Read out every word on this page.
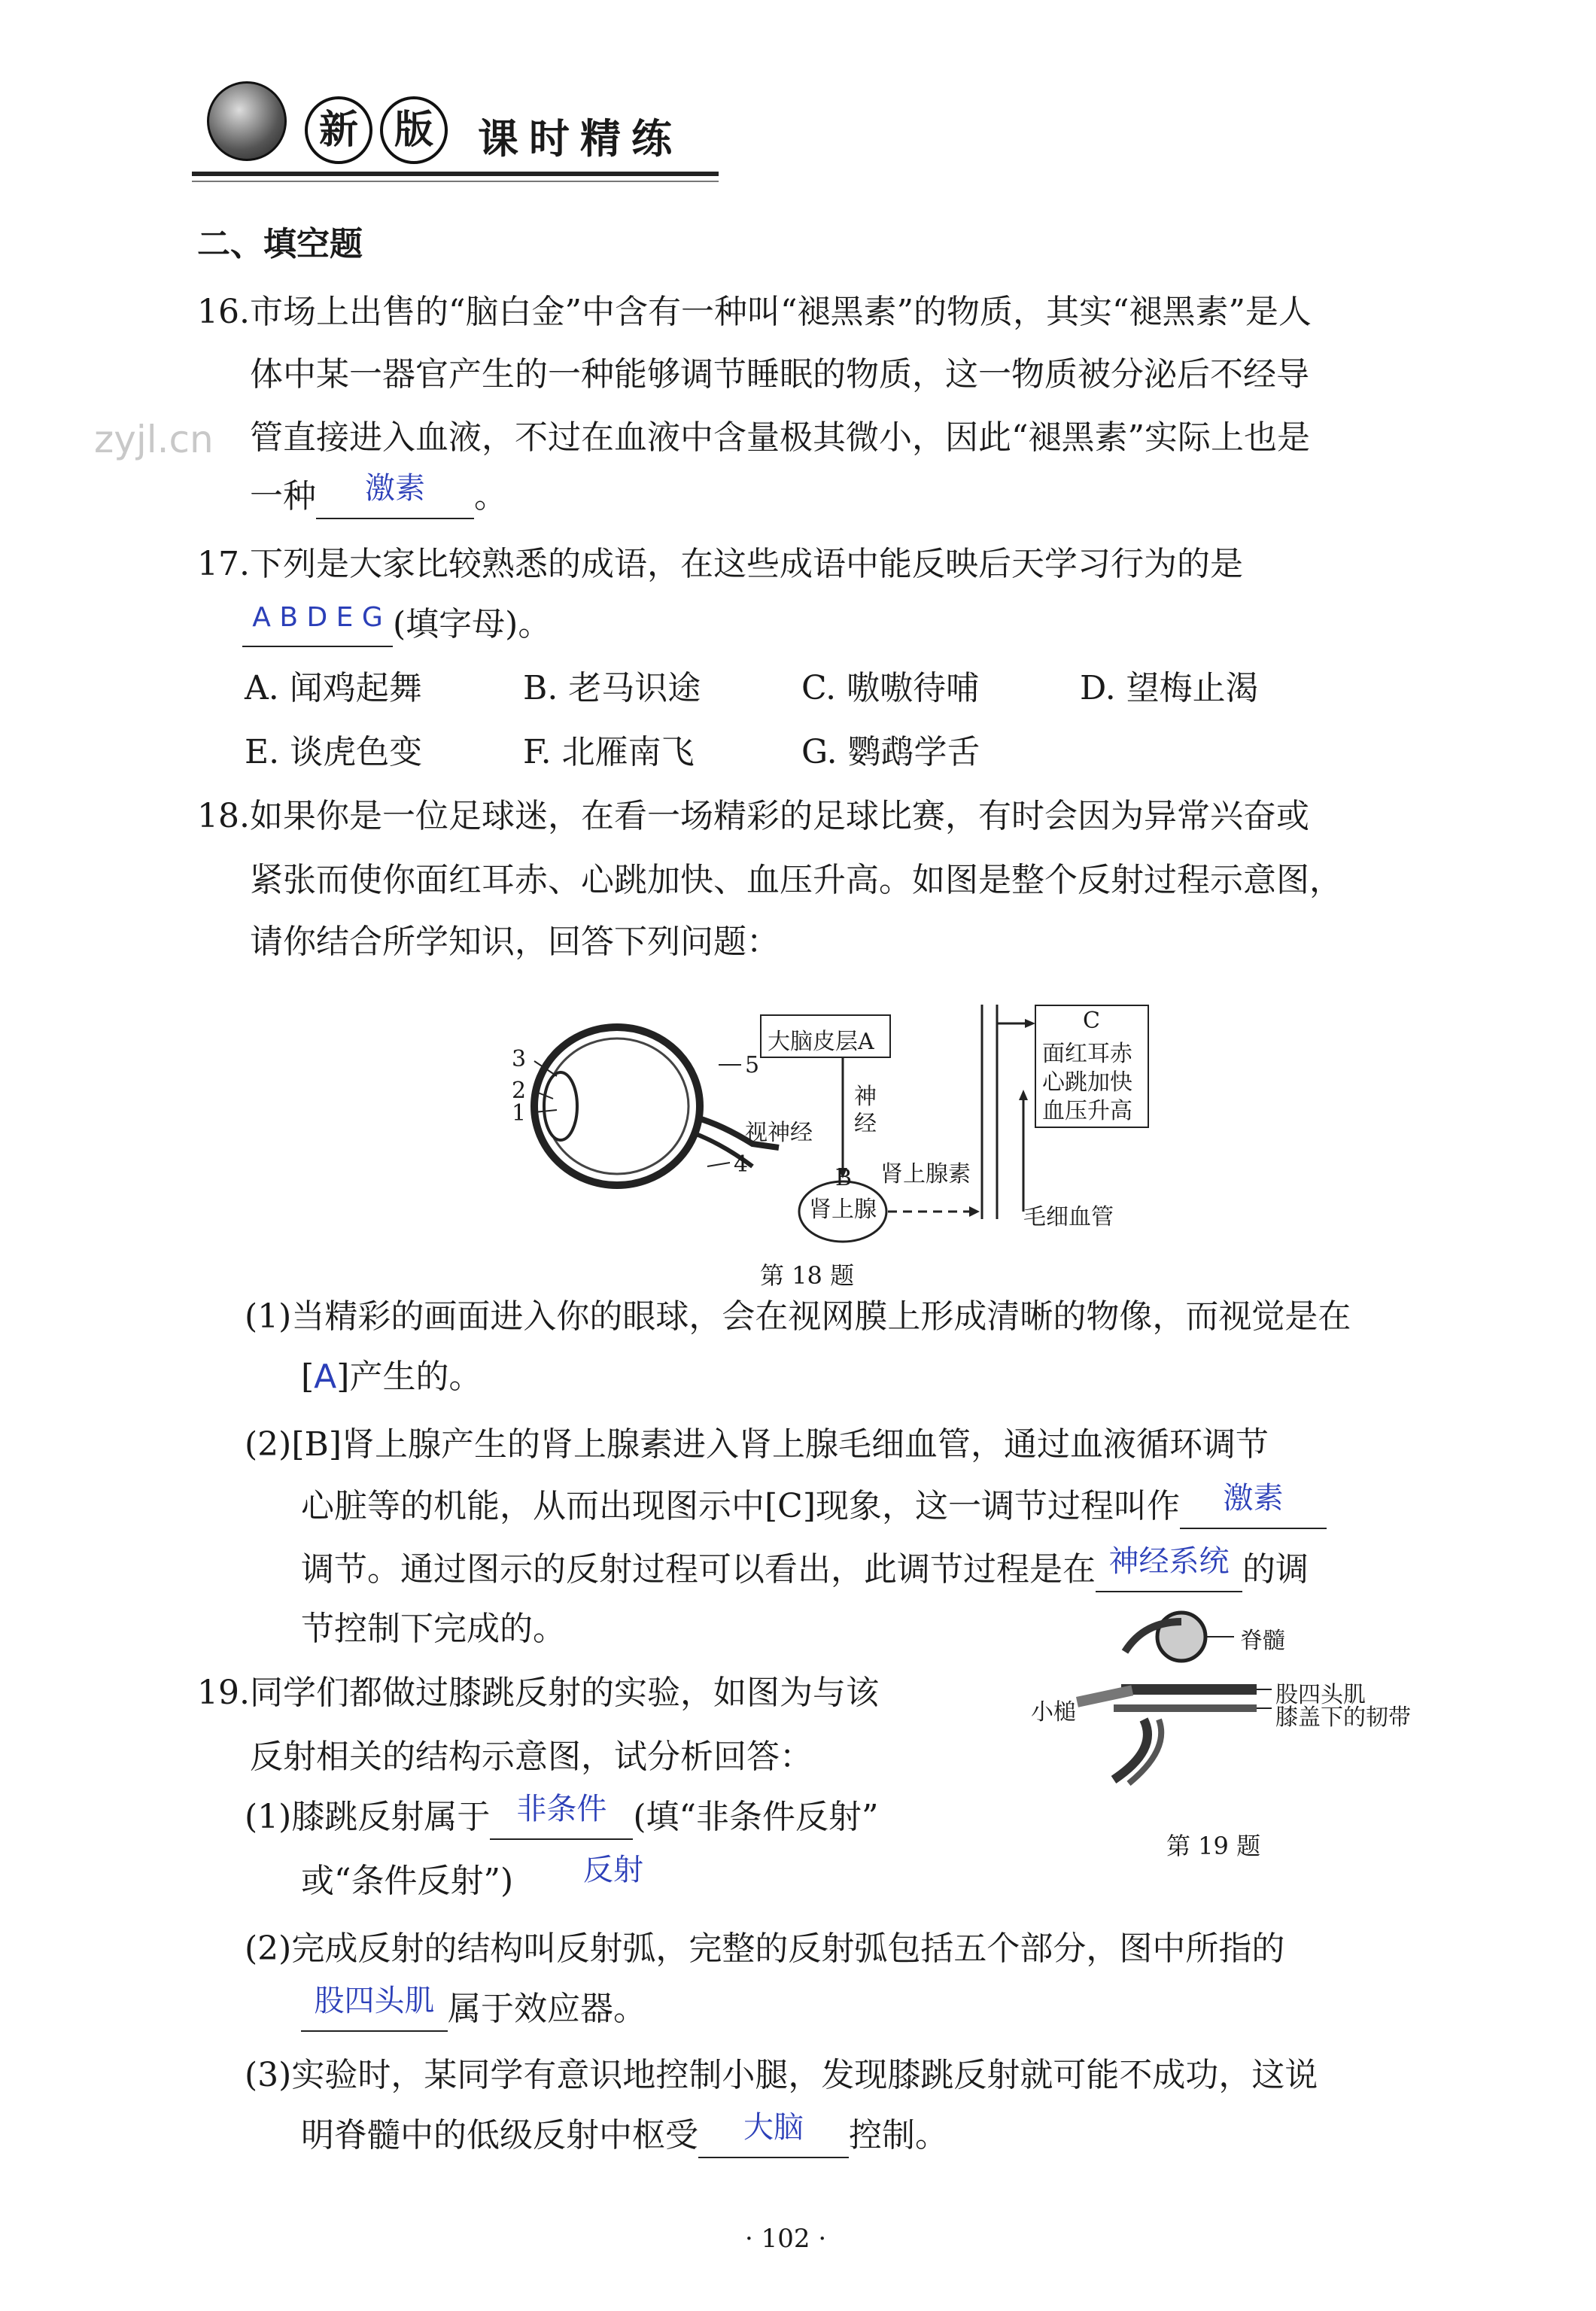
新 版	课时精练
zyjl.cn
二、填空题
16.市场上出售的“脑白金”中含有一种叫“褪黑素”的物质，其实“褪黑素”是人
体中某一器官产生的一种能够调节睡眠的物质，这一物质被分泌后不经导
管直接进入血液，不过在血液中含量极其微小，因此“褪黑素”实际上也是
一种 激素 。
17.下列是大家比较熟悉的成语，在这些成语中能反映后天学习行为的是
$^{A B D E G}$ (填字母)。
A. 闻鸡起舞	B. 老马识途	C. 嗷嗷待哺	D. 望梅止渴
E. 谈虎色变	F. 北雁南飞	G. 鹦鹉学舌
18.如果你是一位足球迷，在看一场精彩的足球比赛，有时会因为异常兴奋或
紧张而使你面红耳赤、心跳加快、血压升高。如图是整个反射过程示意图，
请你结合所学知识，回答下列问题：
3
2
1
5
4
视神经
大脑皮层A
神经
B
肾上腺
肾上腺素
C
面红耳赤
心跳加快
血压升高
毛细血管
第 18 题
(1)当精彩的画面进入你的眼球，会在视网膜上形成清晰的物像，而视觉是在
[A]产生的。
(2)[B]肾上腺产生的肾上腺素进入肾上腺毛细血管，通过血液循环调节
心脏等的机能，从而出现图示中[C]现象，这一调节过程叫作 激素
调节。通过图示的反射过程可以看出，此调节过程是在 神经系统 的调
节控制下完成的。	脊髓
股四头肌
膝盖下的韧带
小槌
第 19 题
19.同学们都做过膝跳反射的实验，如图为与该
反射相关的结构示意图，试分析回答：
(1)膝跳反射属于 非条件 (填“非条件反射”
反射
或“条件反射”)
(2)完成反射的结构叫反射弧，完整的反射弧包括五个部分，图中所指的
股四头肌 属于效应器。
(3)实验时，某同学有意识地控制小腿，发现膝跳反射就可能不成功，这说
明脊髓中的低级反射中枢受 大脑 控制。
· 102 ·
